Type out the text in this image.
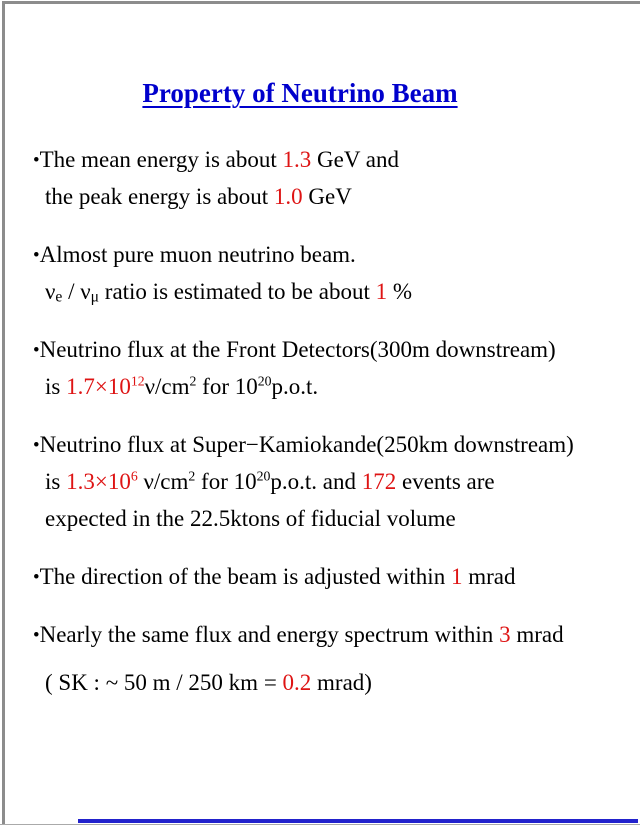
Property of Neutrino Beam
•The mean energy is about 1.3 GeV and
the peak energy is about 1.0 GeV
•Almost pure muon neutrino beam.
νe / νμ ratio is estimated to be about 1 %
•Neutrino flux at the Front Detectors(300m downstream)
is $1.7\times 10^{12}\nu/cm^2$ for $10^{20}p.o.t$.
•Neutrino flux at Super−Kamiokande(250km downstream)
is $1.3\times 10^6$ $\nu/cm^2$ for $10^{20}p.o.t$. and 172 events are
expected in the 22.5ktons of fiducial volume
•The direction of the beam is adjusted within 1 mrad
•Nearly the same flux and energy spectrum within 3 mrad
( SK : ~ 50 m / 250 km = 0.2 mrad)
